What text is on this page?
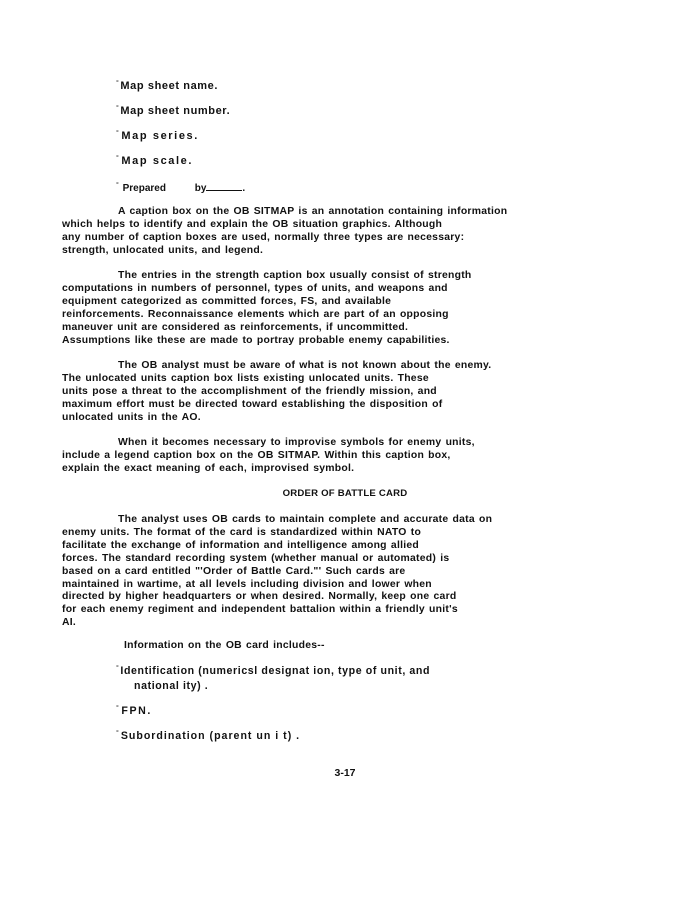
°Map sheet name.
°Map sheet number.
°Map series.
°Map scale.
° Prepared	by	.
A caption box on the OB SITMAP is an annotation containing information
which helps to identify and explain the OB situation graphics. Although
any number of caption boxes are used, normally three types are necessary:
strength, unlocated units, and legend.
The entries in the strength caption box usually consist of strength
computations in numbers of personnel, types of units, and weapons and
equipment categorized as committed forces, FS, and available
reinforcements. Reconnaissance elements which are part of an opposing
maneuver unit are considered as reinforcements, if uncommitted.
Assumptions like these are made to portray probable enemy capabilities.
The OB analyst must be aware of what is not known about the enemy.
The unlocated units caption box lists existing unlocated units. These
units pose a threat to the accomplishment of the friendly mission, and
maximum effort must be directed toward establishing the disposition of
unlocated units in the AO.
When it becomes necessary to improvise symbols for enemy units,
include a legend caption box on the OB SITMAP. Within this caption box,
explain the exact meaning of each, improvised symbol.
ORDER OF BATTLE CARD
The analyst uses OB cards to maintain complete and accurate data on
enemy units. The format of the card is standardized within NATO to
facilitate the exchange of information and intelligence among allied
forces. The standard recording system (whether manual or automated) is
based on a card entitled "'Order of Battle Card."' Such cards are
maintained in wartime, at all levels including division and lower when
directed by higher headquarters or when desired. Normally, keep one card
for each enemy regiment and independent battalion within a friendly unit's
AI.
Information on the OB card includes--
°Identification (numericsl designat ion, type of unit, and
national ity) .
°FPN.
°Subordination (parent un i t) .
3-17
